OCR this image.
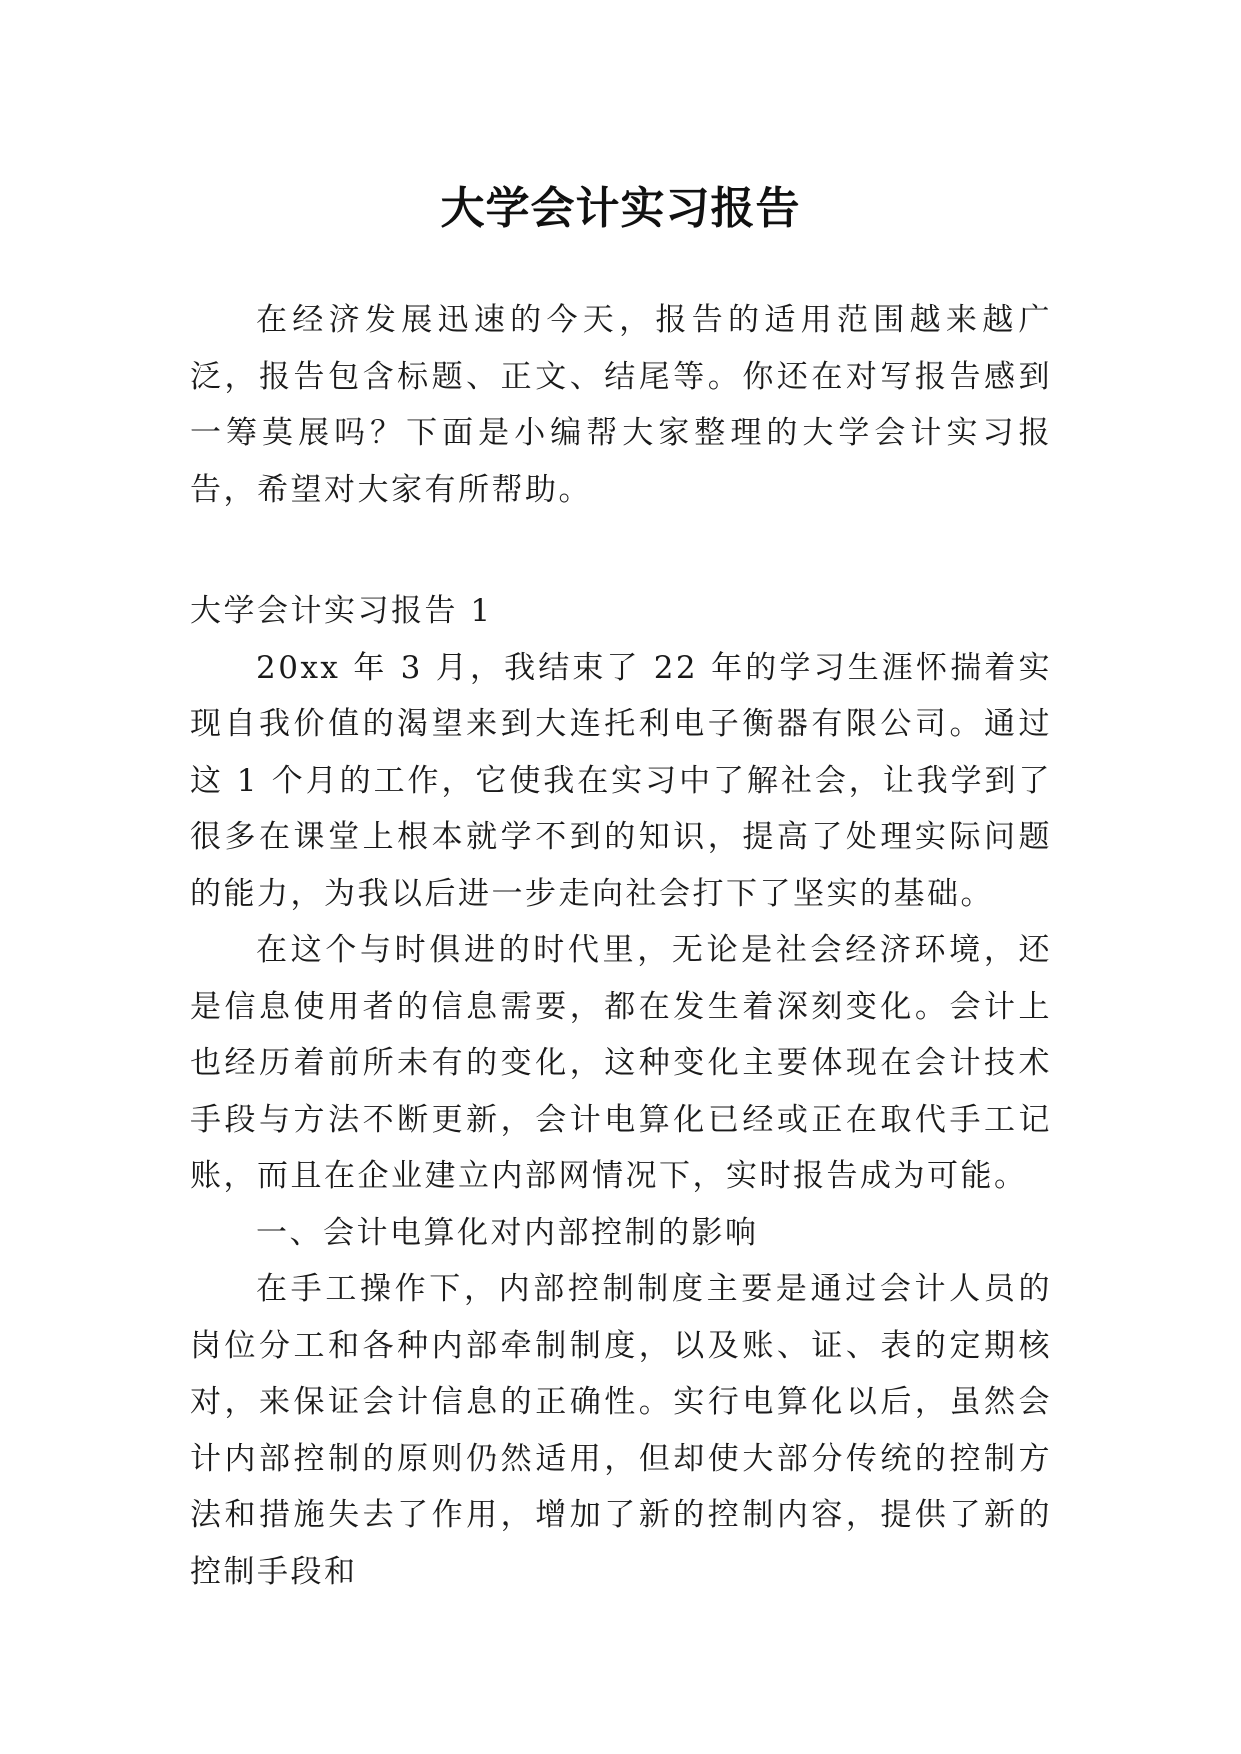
大学会计实习报告

在经济发展迅速的今天，报告的适用范围越来越广泛，报告包含标题、正文、结尾等。你还在对写报告感到一筹莫展吗？下面是小编帮大家整理的大学会计实习报告，希望对大家有所帮助。

大学会计实习报告 1

20xx 年 3 月，我结束了 22 年的学习生涯怀揣着实现自我价值的渴望来到大连托利电子衡器有限公司。通过这 1 个月的工作，它使我在实习中了解社会，让我学到了很多在课堂上根本就学不到的知识，提高了处理实际问题的能力，为我以后进一步走向社会打下了坚实的基础。

在这个与时俱进的时代里，无论是社会经济环境，还是信息使用者的信息需要，都在发生着深刻变化。会计上也经历着前所未有的变化，这种变化主要体现在会计技术手段与方法不断更新，会计电算化已经或正在取代手工记账，而且在企业建立内部网情况下，实时报告成为可能。

一、会计电算化对内部控制的影响

在手工操作下，内部控制制度主要是通过会计人员的岗位分工和各种内部牵制制度，以及账、证、表的定期核对，来保证会计信息的正确性。实行电算化以后，虽然会计内部控制的原则仍然适用，但却使大部分传统的控制方法和措施失去了作用，增加了新的控制内容，提供了新的控制手段和
